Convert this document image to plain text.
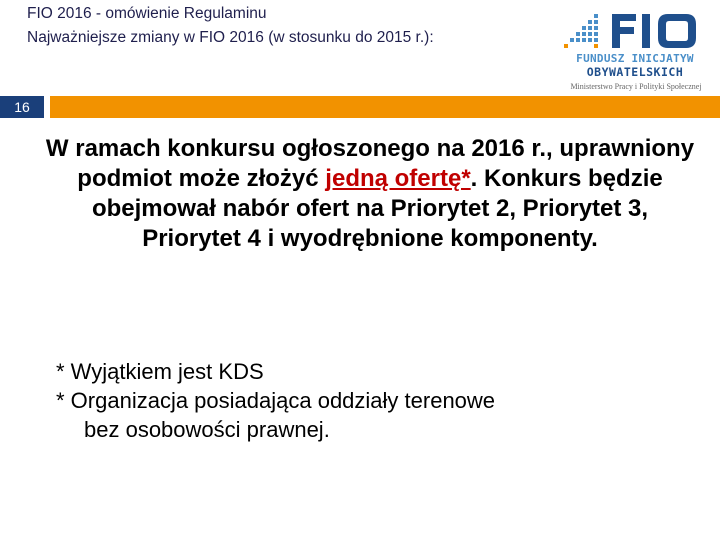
FIO 2016 - omówienie Regulaminu
Najważniejsze zmiany w FIO 2016 (w stosunku do 2015 r.):
FUNDUSZ INICJATYW
OBYWATELSKICH
Ministerstwo Pracy i Polityki Społecznej
16
W ramach konkursu ogłoszonego na 2016 r., uprawniony podmiot może złożyć jedną ofertę*. Konkurs będzie obejmował nabór ofert na Priorytet 2, Priorytet 3, Priorytet 4 i wyodrębnione komponenty.
* Wyjątkiem jest KDS
* Organizacja posiadająca oddziały terenowe
bez osobowości prawnej.
